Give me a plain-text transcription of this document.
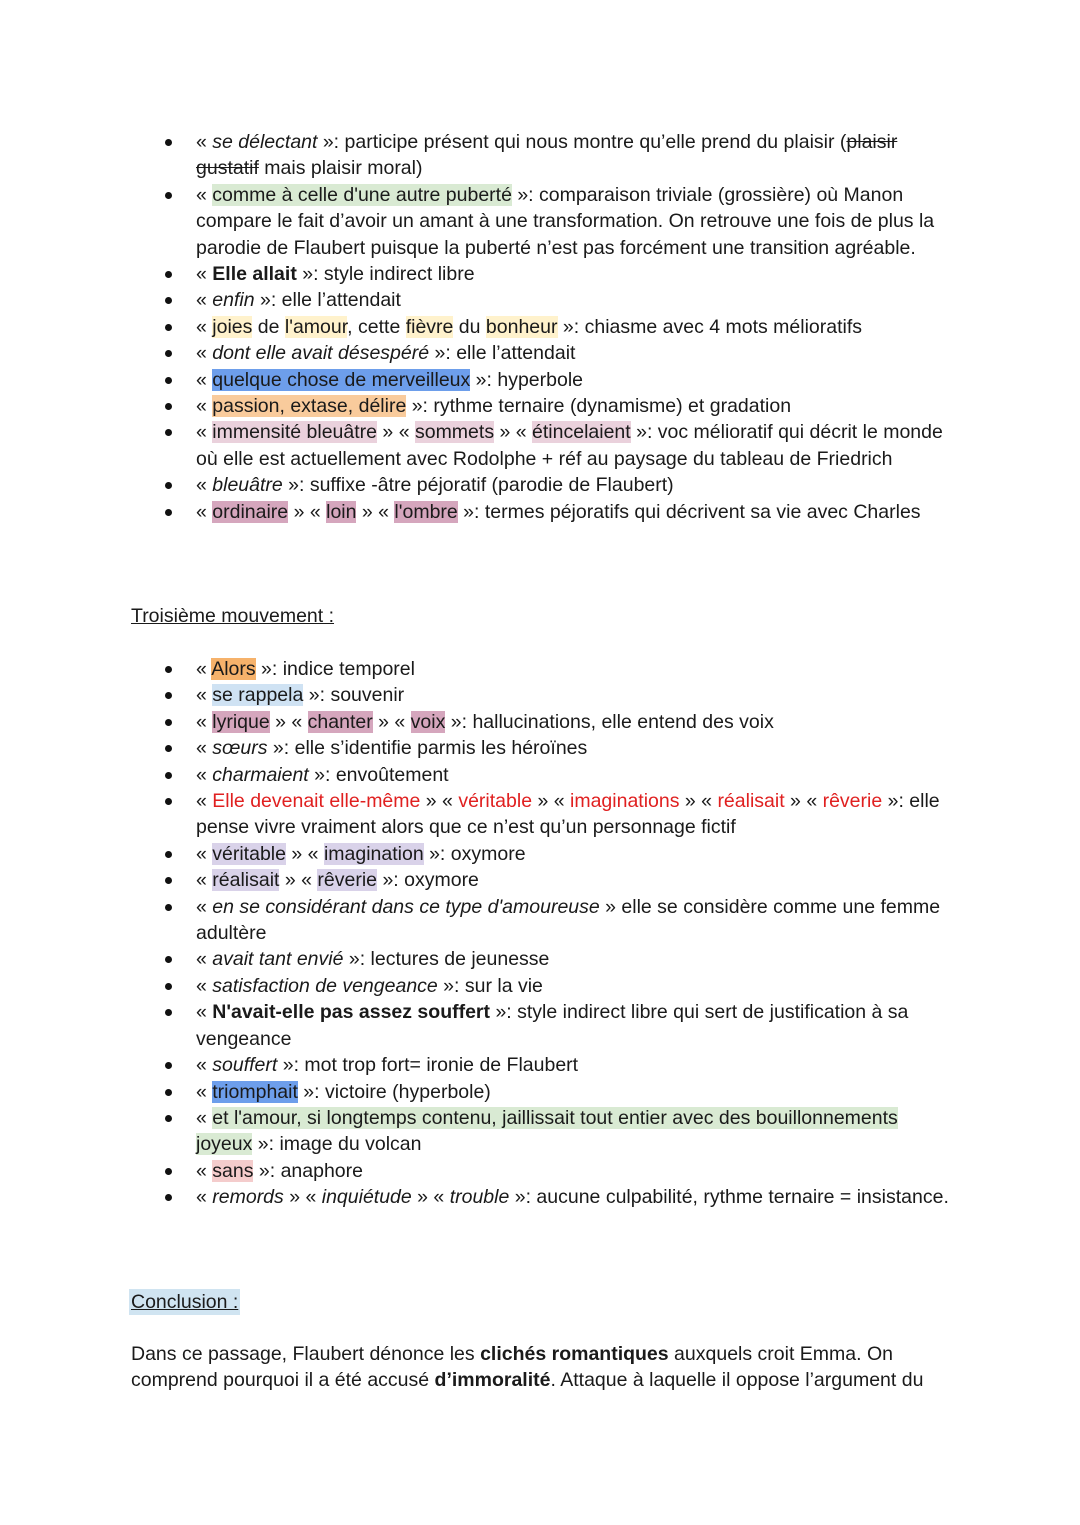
« se délectant »: participe présent qui nous montre qu’elle prend du plaisir (plaisir gustatif mais plaisir moral)
« comme à celle d'une autre puberté »: comparaison triviale (grossière) où Manon compare le fait d’avoir un amant à une transformation. On retrouve une fois de plus la parodie de Flaubert puisque la puberté n’est pas forcément une transition agréable.
« Elle allait »: style indirect libre
« enfin »: elle l’attendait
« joies de l'amour, cette fièvre du bonheur »: chiasme avec 4 mots mélioratifs
« dont elle avait désespéré »: elle l’attendait
« quelque chose de merveilleux »: hyperbole
« passion, extase, délire »: rythme ternaire (dynamisme) et gradation
« immensité bleuâtre » « sommets » « étincelaient »: voc mélioratif qui décrit le monde où elle est actuellement avec Rodolphe + réf au paysage du tableau de Friedrich
« bleuâtre »: suffixe -âtre péjoratif (parodie de Flaubert)
« ordinaire » « loin » « l'ombre »: termes péjoratifs qui décrivent sa vie avec Charles
Troisième mouvement :
« Alors »: indice temporel
« se rappela »: souvenir
« lyrique » « chanter » « voix »: hallucinations, elle entend des voix
« sœurs »: elle s’identifie parmis les héroïnes
« charmaient »: envoûtement
« Elle devenait elle-même » « véritable » « imaginations » « réalisait » « rêverie »: elle pense vivre vraiment alors que ce n’est qu’un personnage fictif
« véritable » « imagination »: oxymore
« réalisait » « rêverie »: oxymore
« en se considérant dans ce type d'amoureuse » elle se considère comme une femme adultère
« avait tant envié »: lectures de jeunesse
« satisfaction de vengeance »: sur la vie
« N'avait-elle pas assez souffert »: style indirect libre qui sert de justification à sa vengeance
« souffert »: mot trop fort= ironie de Flaubert
« triomphait »: victoire (hyperbole)
« et l'amour, si longtemps contenu, jaillissait tout entier avec des bouillonnements joyeux »: image du volcan
« sans »: anaphore
« remords » « inquiétude » « trouble »: aucune culpabilité, rythme ternaire = insistance.
Conclusion :

Dans ce passage, Flaubert dénonce les clichés romantiques auxquels croit Emma. On comprend pourquoi il a été accusé d’immoralité. Attaque à laquelle il oppose l’argument du
